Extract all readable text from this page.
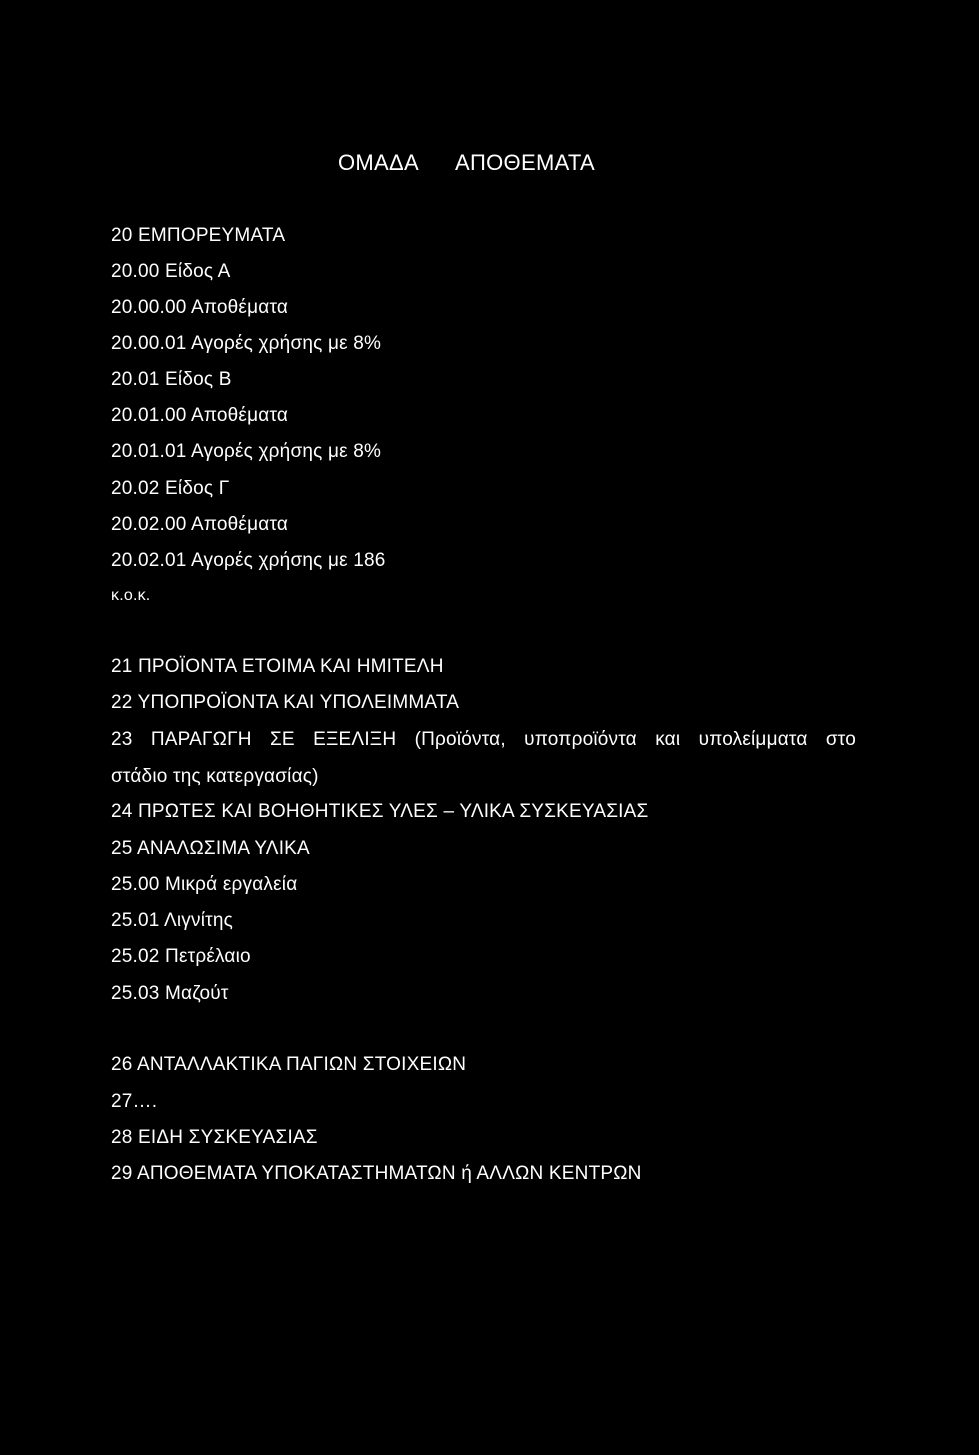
ΟΜΑΔΑ ΑΠΟΘΕΜΑΤΑ
20 ΕΜΠΟΡΕΥΜΑΤΑ
20.00 Είδος Α
20.00.00 Αποθέματα
20.00.01 Αγορές χρήσης με 8%
20.01 Είδος Β
20.01.00 Αποθέματα
20.01.01 Αγορές χρήσης με 8%
20.02 Είδος Γ
20.02.00 Αποθέματα
20.02.01 Αγορές χρήσης με 186
κ.ο.κ.
21 ΠΡΟΪΟΝΤΑ ΕΤΟΙΜΑ ΚΑΙ ΗΜΙΤΕΛΗ
22 ΥΠΟΠΡΟΪΟΝΤΑ ΚΑΙ ΥΠΟΛΕΙΜΜΑΤΑ
23 ΠΑΡΑΓΩΓΗ ΣΕ ΕΞΕΛΙΞΗ (Προϊόντα, υποπροϊόντα και υπολείμματα στο
στάδιο της κατεργασίας)
24 ΠΡΩΤΕΣ ΚΑΙ ΒΟΗΘΗΤΙΚΕΣ ΥΛΕΣ – ΥΛΙΚΑ ΣΥΣΚΕΥΑΣΙΑΣ
25 ΑΝΑΛΩΣΙΜΑ ΥΛΙΚΑ
25.00 Μικρά εργαλεία
25.01 Λιγνίτης
25.02 Πετρέλαιο
25.03 Μαζούτ
26 ΑΝΤΑΛΛΑΚΤΙΚΑ ΠΑΓΙΩΝ ΣΤΟΙΧΕΙΩΝ
27….
28 ΕΙΔΗ ΣΥΣΚΕΥΑΣΙΑΣ
29 ΑΠΟΘΕΜΑΤΑ ΥΠΟΚΑΤΑΣΤΗΜΑΤΩΝ ή ΑΛΛΩΝ ΚΕΝΤΡΩΝ
